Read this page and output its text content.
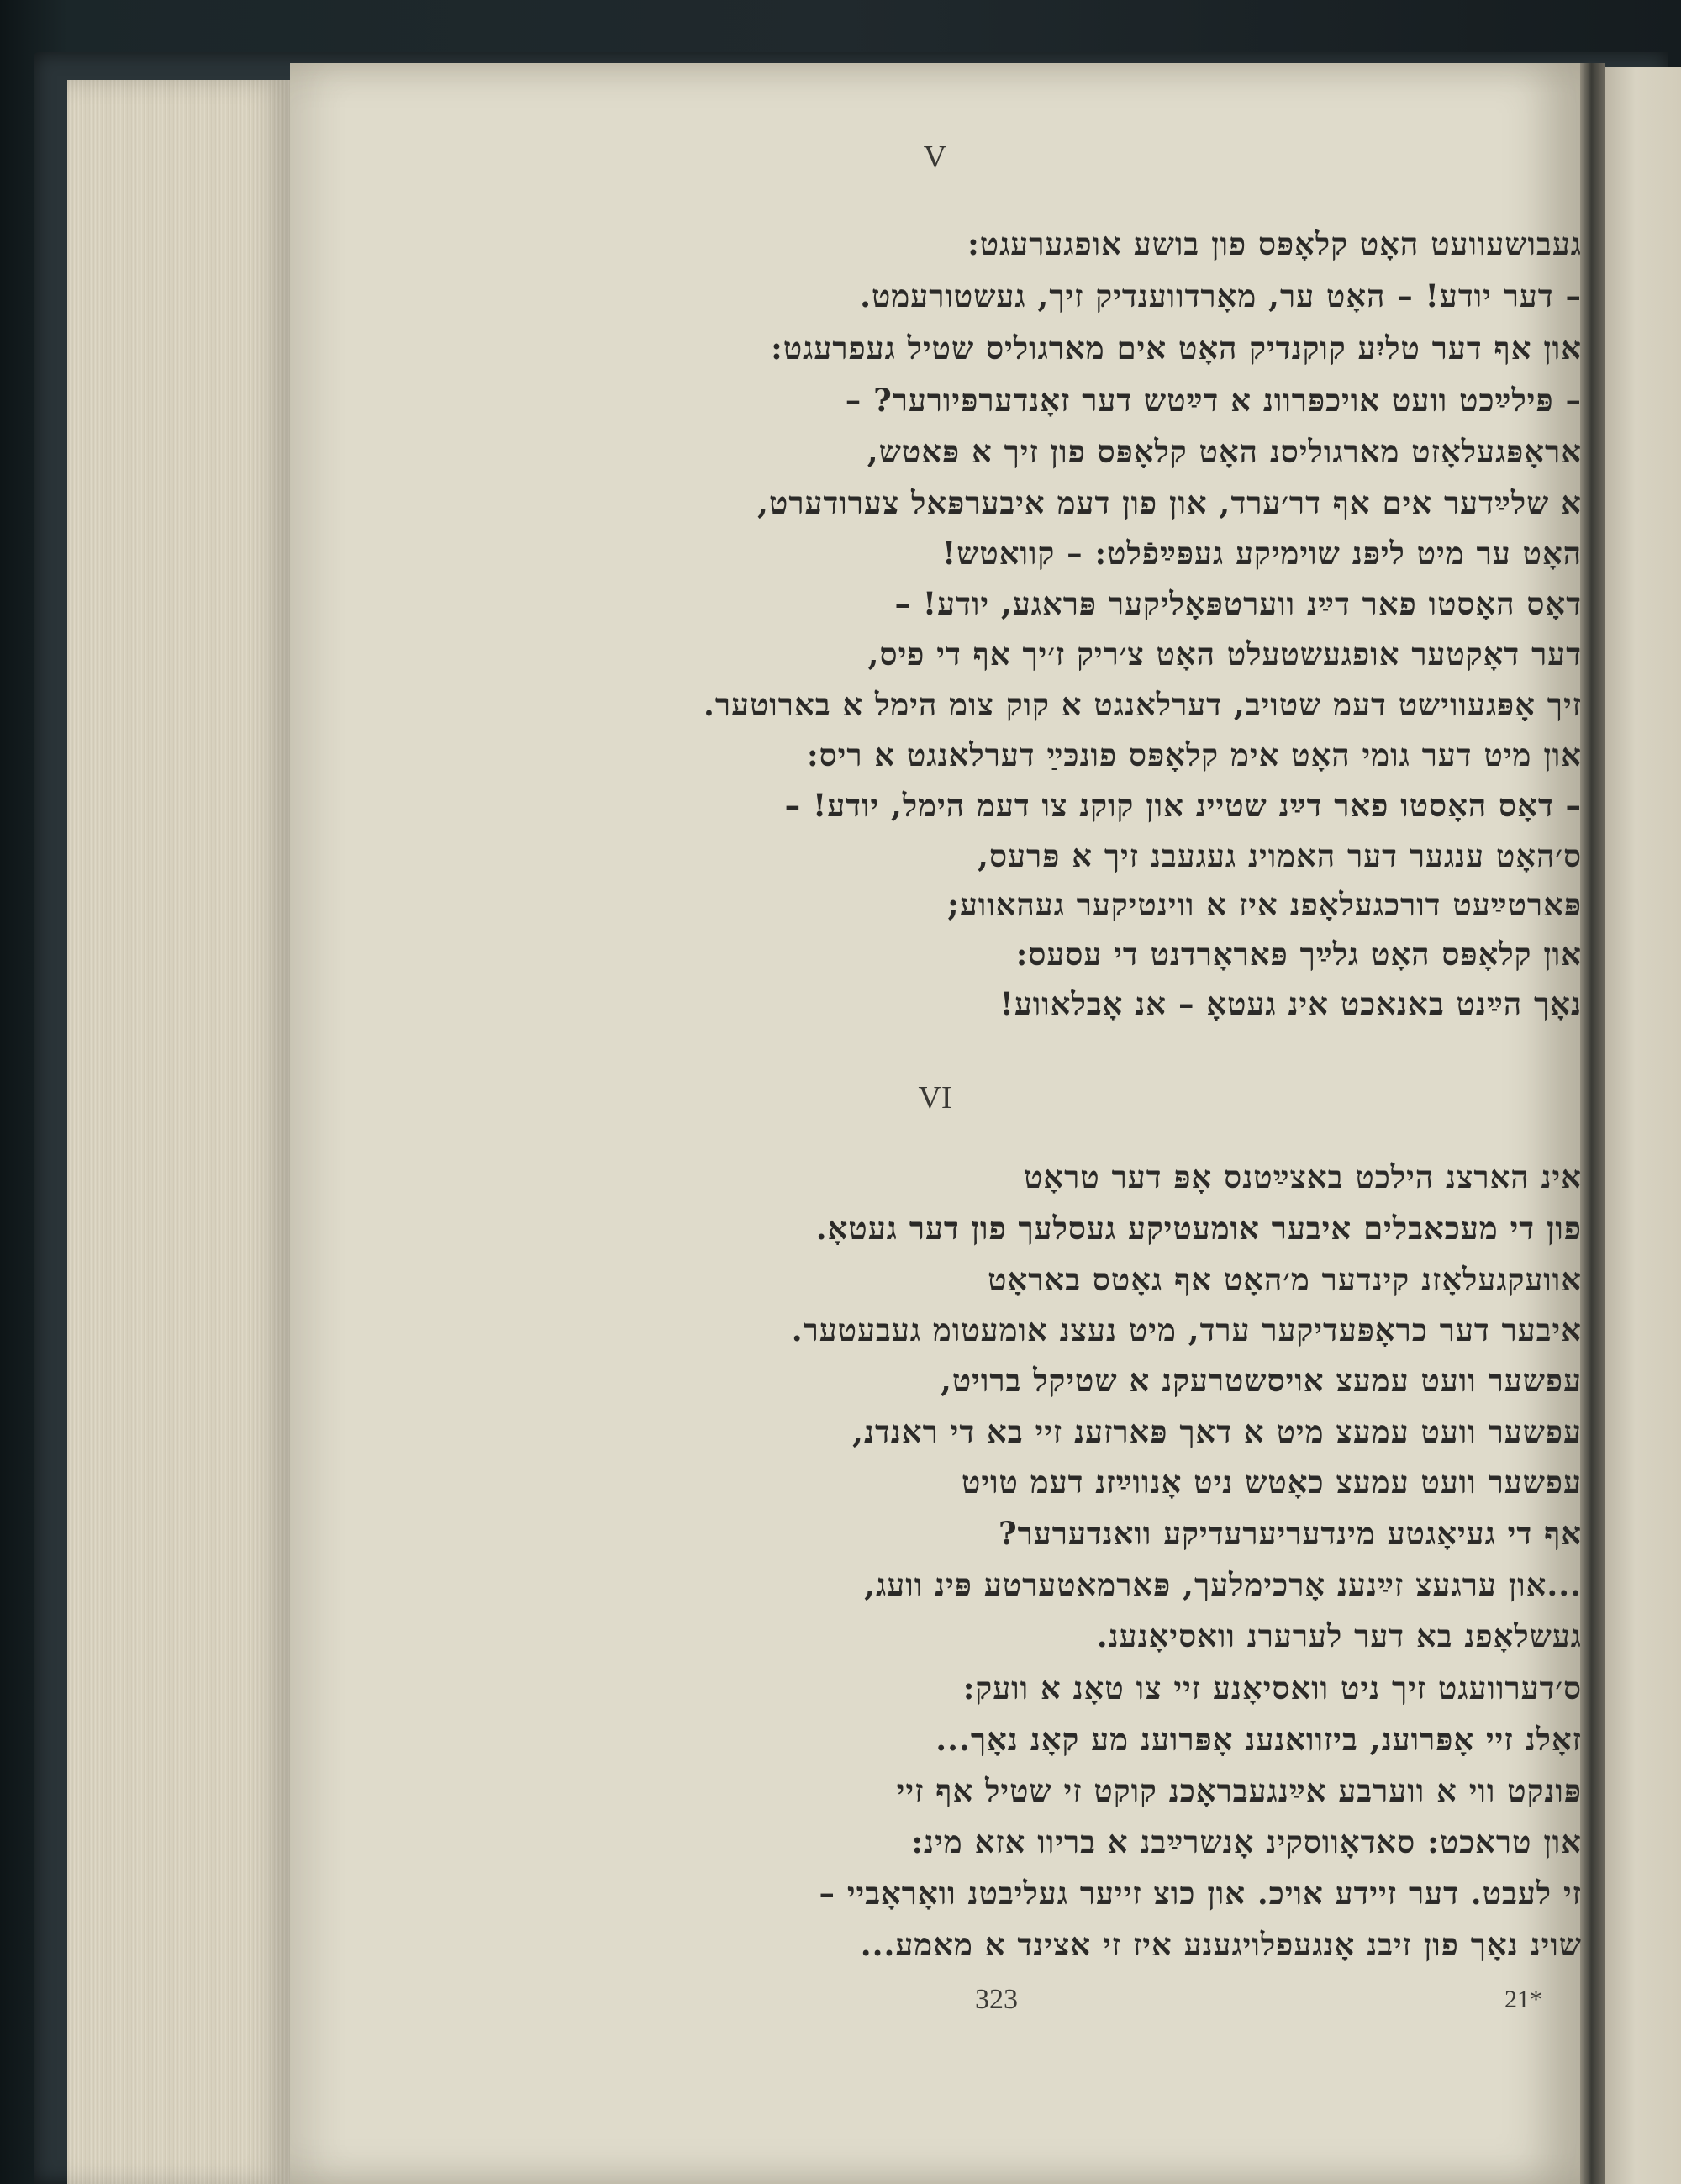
V
געבושעוועט האָט קלאָפּס פון בושע אופגערעגט:
– דער יודע! – האָט ער, מאָרדווענדיק זיך, געשטורעמט.
און אף דער טליִע קוקנדיק האָט אים מארגוליס שטיל געפרעגט:
– פּילײַכט וועט אויכפּרוונ א דײַטש דער זאָנדערפּיורער? –
אראָפּגעלאָזט מארגוליסנ האָט קלאָפּס פון זיך א פּאטש,
א שלײַדער אים אף דר׳ערד, און פון דעמ איבערפּאל צערודערט,
האָט ער מיט ליפּנ שוימיקע געפּײַפֿלט: – קוואטש!
דאָס האָסטו פאר דײַנ ווערטפּאָליקער פּראגע, יודע! –
דער דאָקטער אופגעשטעלט האָט צ׳ריק ז׳יך אף די פיס,
זיך אָפּגעווישט דעמ שטויב, דערלאנגט א קוק צומ הימל א בארוטער.
און מיט דער גומי האָט אימ קלאָפּס פונכּײַ דערלאנגט א ריס:
– דאָס האָסטו פאר דײַנ שטיינ און קוקנ צו דעמ הימל, יודע! –
ס׳האָט ענגער דער האמוינ געגעבנ זיך א פּרעס,
פּארטײַעט דורכגעלאָפנ איז א ווינטיקער געהאווע;
און קלאָפּס האָט גלײַך פּאראָרדנט די עסעס:
נאָך הײַנט באנאכט אינ געטאָ – אנ אָבלאווע!
VI
אינ הארצנ הילכט באצײַטנס אָפּ דער טראָט
פון די מעכאבלים איבער אומעטיקע געסלעך פון דער געטאָ.
אוועקגעלאָזנ קינדער מ׳האָט אף גאָטס באראָט
איבער דער כראָפּעדיקער ערד, מיט נעצנ אומעטומ געבעטער.
עפשער וועט עמעצ אויסשטרעקנ א שטיקל ברויט,
עפשער וועט עמעצ מיט א דאך פּארזענ זיי בא די ראנדנ,
עפשער וועט עמעצ כאָטש ניט אָנווײַזנ דעמ טויט
אף די געיאָגטע מינדעריערעדיקע וואנדערער?
...און ערגעצ זײַנענ אָרכימלעך, פּארמאטערטע פּינ וועג,
געשלאָפנ בא דער לערערנ וואסיאָנענ.
ס׳דערוועגט זיך ניט וואסיאָנע זיי צו טאָנ א וועק:
זאָלנ זיי אָפּרוענ, ביזוואנענ אָפּרוענ מע קאָנ נאָך...
פּונקט ווי א ווערבע אײַנגעבראָכנ קוקט זי שטיל אף זיי
און טראכט: סאדאָווסקינ אָנשרײַבנ א בריוו אזא מינ:
זי לעבט. דער זיידע אויכ. און כוצ זייער געליבטנ וואָראָביי –
שוינ נאָך פון זיבנ אָנגעפלויגענע איז זי אצינד א מאמע...
323	21*
